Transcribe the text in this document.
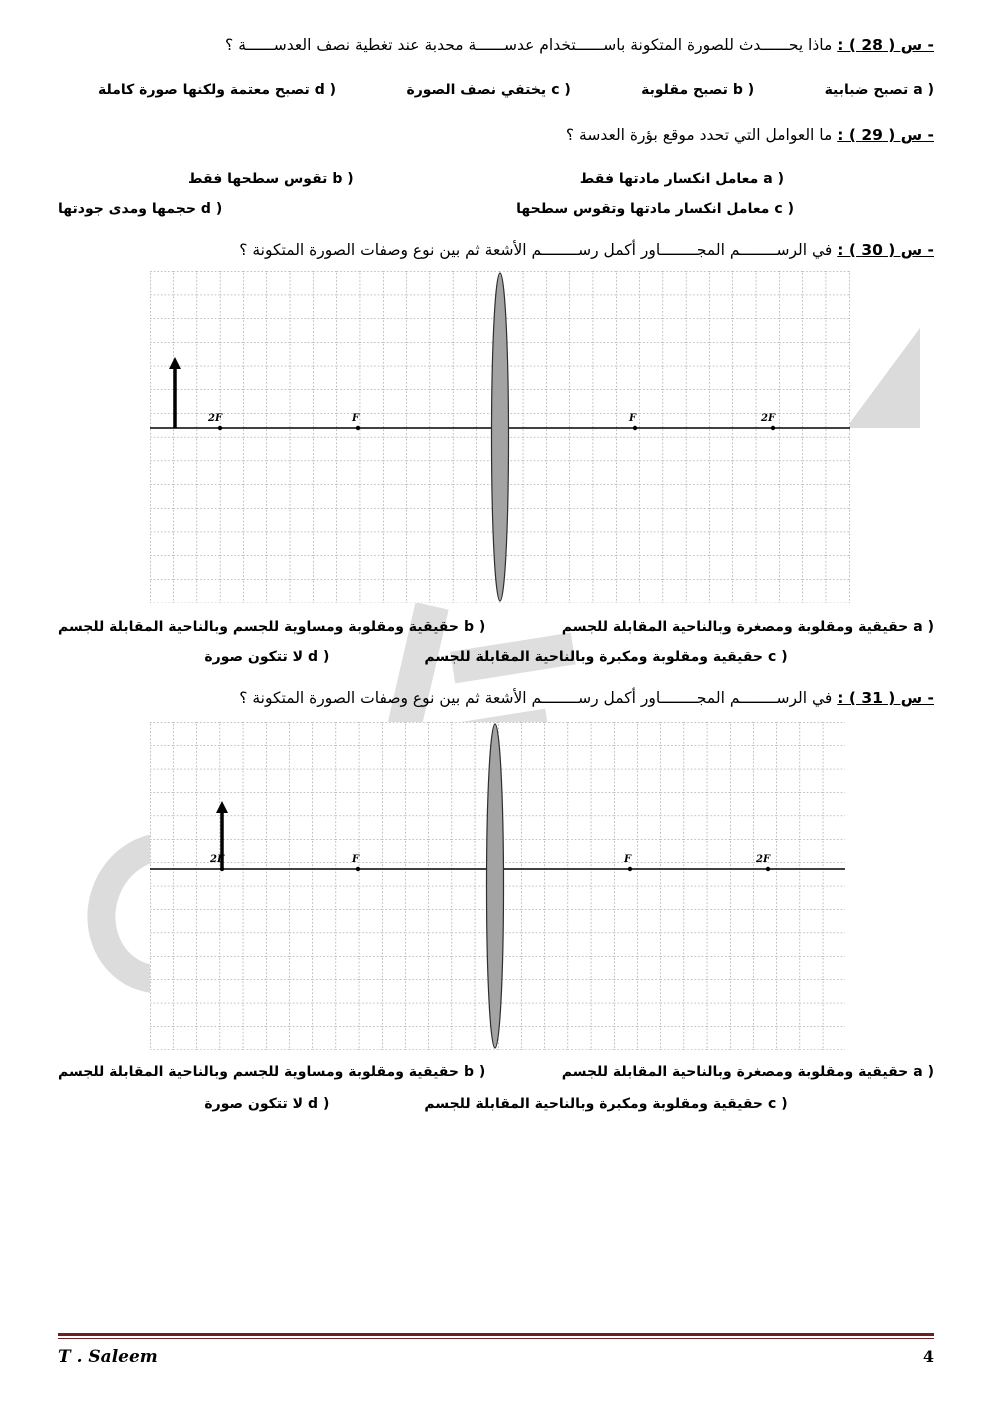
- س ( 28 ) : ماذا يحــــــدث للصورة المتكونة باســــــتخدام عدســــــة محدبة عند تغطية نصف العدســــــة ؟

a )تصبح ضبابية
b )تصبح مقلوبة
c )يختفي نصف الصورة
d )تصبح معتمة ولكنها صورة كاملة

- س ( 29 ) : ما العوامل التي تحدد موقع بؤرة العدسة ؟

a )معامل انكسار مادتها فقط
b )تقوس سطحها فقط
c )معامل انكسار مادتها وتقوس سطحها
d )حجمها ومدى جودتها

- س ( 30 ) : في الرســــــــم المجــــــــاور أكمل رســــــــم الأشعة ثم بين نوع وصفات الصورة المتكونة ؟

2F	F	F	2F
a )حقيقية ومقلوبة ومصغرة وبالناحية المقابلة للجسم
b )حقيقية ومقلوبة ومساوية للجسم وبالناحية المقابلة للجسم
c )حقيقية ومقلوبة ومكبرة وبالناحية المقابلة للجسم
d )لا تتكون صورة

- س ( 31 ) : في الرســــــــم المجــــــــاور أكمل رســــــــم الأشعة ثم بين نوع وصفات الصورة المتكونة ؟

2F	F	F	2F
a )حقيقية ومقلوبة ومصغرة وبالناحية المقابلة للجسم
b )حقيقية ومقلوبة ومساوية للجسم وبالناحية المقابلة للجسم
c )حقيقية ومقلوبة ومكبرة وبالناحية المقابلة للجسم
d )لا تتكون صورة
T . Saleem	4
